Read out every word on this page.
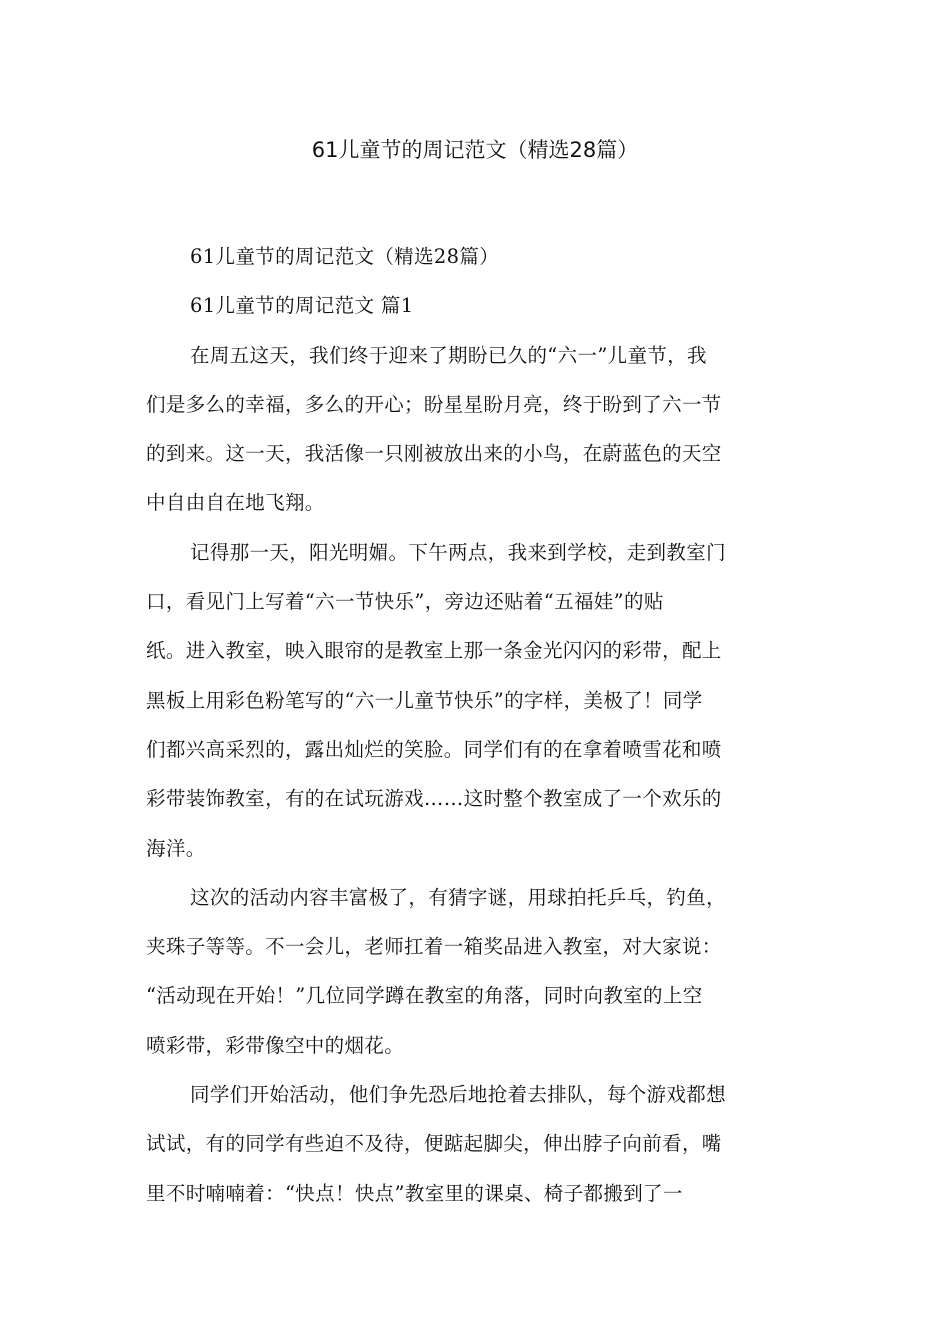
61儿童节的周记范文（精选28篇）
61儿童节的周记范文（精选28篇）
61儿童节的周记范文 篇1
在周五这天，我们终于迎来了期盼已久的“六一”儿童节，我
们是多么的幸福，多么的开心；盼星星盼月亮，终于盼到了六一节
的到来。这一天，我活像一只刚被放出来的小鸟，在蔚蓝色的天空
中自由自在地飞翔。
记得那一天，阳光明媚。下午两点，我来到学校，走到教室门
口，看见门上写着“六一节快乐”，旁边还贴着“五福娃”的贴
纸。进入教室，映入眼帘的是教室上那一条金光闪闪的彩带，配上
黑板上用彩色粉笔写的“六一儿童节快乐”的字样，美极了！同学
们都兴高采烈的，露出灿烂的笑脸。同学们有的在拿着喷雪花和喷
彩带装饰教室，有的在试玩游戏……这时整个教室成了一个欢乐的
海洋。
这次的活动内容丰富极了，有猜字谜，用球拍托乒乓，钓鱼，
夹珠子等等。不一会儿，老师扛着一箱奖品进入教室，对大家说：
“活动现在开始！”几位同学蹲在教室的角落，同时向教室的上空
喷彩带，彩带像空中的烟花。
同学们开始活动，他们争先恐后地抢着去排队，每个游戏都想
试试，有的同学有些迫不及待，便踮起脚尖，伸出脖子向前看，嘴
里不时喃喃着：“快点！快点”教室里的课桌、椅子都搬到了一
